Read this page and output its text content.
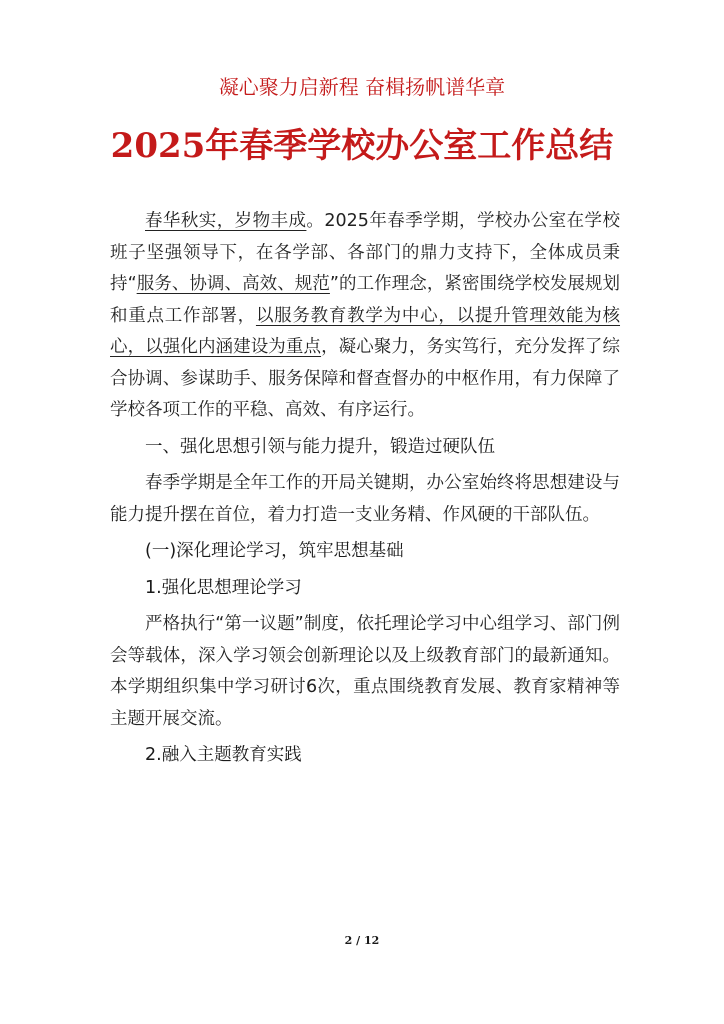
凝心聚力启新程 奋楫扬帆谱华章
2025年春季学校办公室工作总结

春华秋实，岁物丰成。2025年春季学期，学校办公室在学校班子坚强领导下，在各学部、各部门的鼎力支持下，全体成员秉持“服务、协调、高效、规范”的工作理念，紧密围绕学校发展规划和重点工作部署，以服务教育教学为中心，以提升管理效能为核心，以强化内涵建设为重点，凝心聚力，务实笃行，充分发挥了综合协调、参谋助手、服务保障和督查督办的中枢作用，有力保障了学校各项工作的平稳、高效、有序运行。

一、强化思想引领与能力提升，锻造过硬队伍

春季学期是全年工作的开局关键期，办公室始终将思想建设与能力提升摆在首位，着力打造一支业务精、作风硬的干部队伍。

(一)深化理论学习，筑牢思想基础

1.强化思想理论学习

严格执行“第一议题”制度，依托理论学习中心组学习、部门例会等载体，深入学习领会创新理论以及上级教育部门的最新通知。本学期组织集中学习研讨6次，重点围绕教育发展、教育家精神等主题开展交流。

2.融入主题教育实践

2 / 12
